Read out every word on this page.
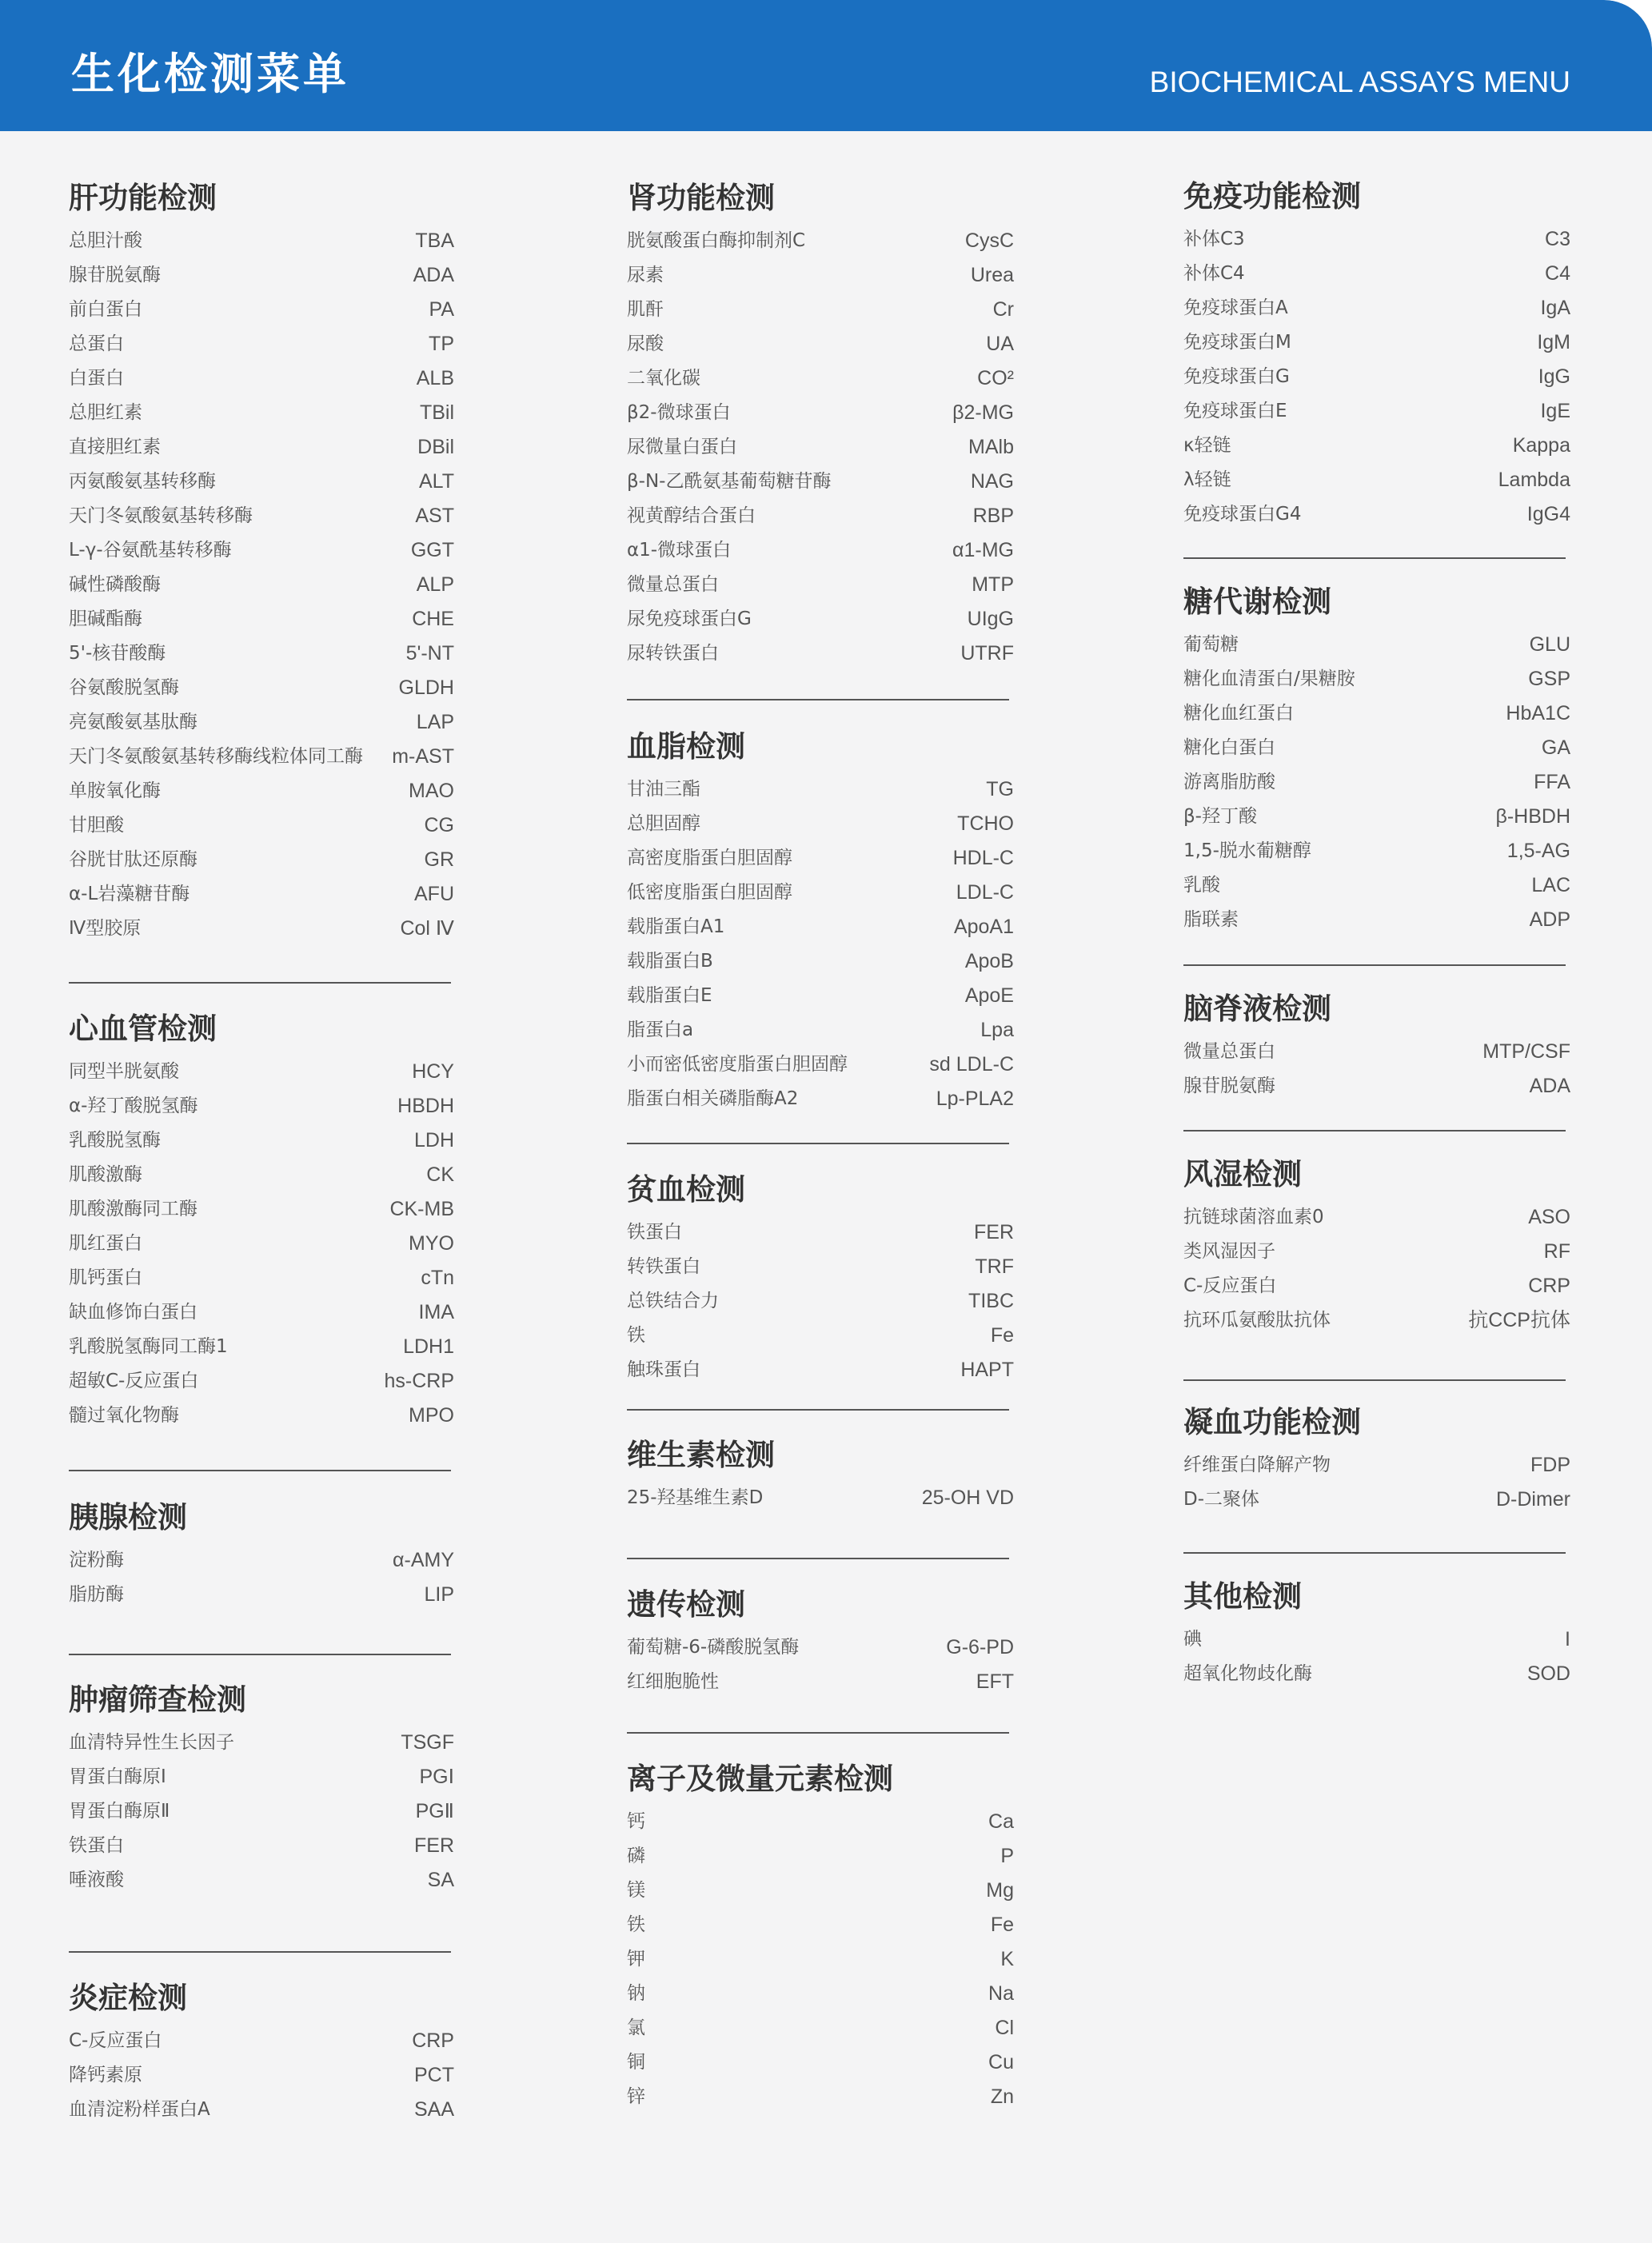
生化检测菜单	BIOCHEMICAL ASSAYS MENU
肝功能检测
总胆汁酸	TBA
腺苷脱氨酶	ADA
前白蛋白	PA
总蛋白	TP
白蛋白	ALB
总胆红素	TBil
直接胆红素	DBil
丙氨酸氨基转移酶	ALT
天门冬氨酸氨基转移酶	AST
L-γ-谷氨酰基转移酶	GGT
碱性磷酸酶	ALP
胆碱酯酶	CHE
5'-核苷酸酶	5'-NT
谷氨酸脱氢酶	GLDH
亮氨酸氨基肽酶	LAP
天门冬氨酸氨基转移酶线粒体同工酶 m-AST
单胺氧化酶	MAO
甘胆酸	CG
谷胱甘肽还原酶	GR
α-L岩藻糖苷酶	AFU
Ⅳ型胶原	Col Ⅳ
心血管检测
同型半胱氨酸	HCY
α-羟丁酸脱氢酶	HBDH
乳酸脱氢酶	LDH
肌酸激酶	CK
肌酸激酶同工酶	CK-MB
肌红蛋白	MYO
肌钙蛋白	cTn
缺血修饰白蛋白	IMA
乳酸脱氢酶同工酶1	LDH1
超敏C-反应蛋白	hs-CRP
髓过氧化物酶	MPO
胰腺检测
淀粉酶	α-AMY
脂肪酶	LIP
肿瘤筛查检测
血清特异性生长因子	TSGF
胃蛋白酶原Ⅰ	PGⅠ
胃蛋白酶原Ⅱ	PGⅡ
铁蛋白	FER
唾液酸	SA
炎症检测
C-反应蛋白	CRP
降钙素原	PCT
血清淀粉样蛋白A	SAA
肾功能检测
胱氨酸蛋白酶抑制剂C	CysC
尿素	Urea
肌酐	Cr
尿酸	UA
二氧化碳	CO²
β2-微球蛋白	β2-MG
尿微量白蛋白	MAlb
β-N-乙酰氨基葡萄糖苷酶	NAG
视黄醇结合蛋白	RBP
α1-微球蛋白	α1-MG
微量总蛋白	MTP
尿免疫球蛋白G	UIgG
尿转铁蛋白	UTRF
血脂检测
甘油三酯	TG
总胆固醇	TCHO
高密度脂蛋白胆固醇	HDL-C
低密度脂蛋白胆固醇	LDL-C
载脂蛋白A1	ApoA1
载脂蛋白B	ApoB
载脂蛋白E	ApoE
脂蛋白a	Lpa
小而密低密度脂蛋白胆固醇	sd LDL-C
脂蛋白相关磷脂酶A2	Lp-PLA2
贫血检测
铁蛋白	FER
转铁蛋白	TRF
总铁结合力	TIBC
铁	Fe
触珠蛋白	HAPT
维生素检测
25-羟基维生素D	25-OH VD
遗传检测
葡萄糖-6-磷酸脱氢酶	G-6-PD
红细胞脆性	EFT
离子及微量元素检测
钙	Ca
磷	P
镁	Mg
铁	Fe
钾	K
钠	Na
氯	Cl
铜	Cu
锌	Zn
免疫功能检测
补体C3	C3
补体C4	C4
免疫球蛋白A	IgA
免疫球蛋白M	IgM
免疫球蛋白G	IgG
免疫球蛋白E	IgE
κ轻链	Kappa
λ轻链	Lambda
免疫球蛋白G4	IgG4
糖代谢检测
葡萄糖	GLU
糖化血清蛋白/果糖胺	GSP
糖化血红蛋白	HbA1C
糖化白蛋白	GA
游离脂肪酸	FFA
β-羟丁酸	β-HBDH
1,5-脱水葡糖醇	1,5-AG
乳酸	LAC
脂联素	ADP
脑脊液检测
微量总蛋白	MTP/CSF
腺苷脱氨酶	ADA
风湿检测
抗链球菌溶血素0	ASO
类风湿因子	RF
C-反应蛋白	CRP
抗环瓜氨酸肽抗体	抗CCP抗体
凝血功能检测
纤维蛋白降解产物	FDP
D-二聚体	D-Dimer
其他检测
碘	I
超氧化物歧化酶	SOD
